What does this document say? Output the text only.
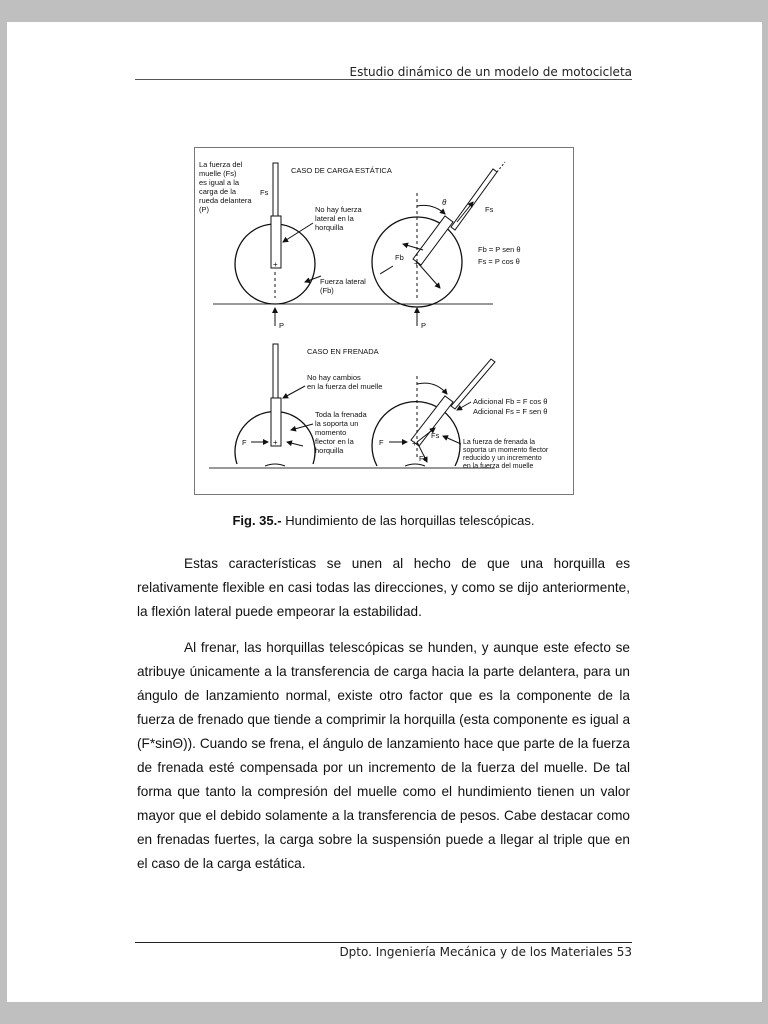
Estudio dinámico de un modelo de motocicleta
+
La fuerza del
muelle (Fs)
es igual a la
carga de la
rueda delantera
(P)
Fs
CASO DE CARGA ESTÁTICA
No hay fuerza
lateral en la
horquilla
Fuerza lateral
(Fb)
P
+
θ
Fs
Fb
Fb = P sen θ
Fs = P cos θ
P
+
CASO EN FRENADA
No hay cambios
en la fuerza del muelle
Toda la frenada
la soporta un
momento
flector en la
horquilla
F	+
F
Fs
Fb
Adicional Fb = F cos θ
Adicional Fs = F sen θ
La fuerza de frenada la
soporta un momento flector
reducido y un incremento
en la fuerza del muelle
Fig. 35.- Hundimiento de las horquillas telescópicas.
Estas características se unen al hecho de que una horquilla es relativamente flexible en casi todas las direcciones, y como se dijo anteriormente, la flexión lateral puede empeorar la estabilidad.
Al frenar, las horquillas telescópicas se hunden, y aunque este efecto se atribuye únicamente a la transferencia de carga hacia la parte delantera, para un ángulo de lanzamiento normal, existe otro factor que es la componente de la fuerza de frenado que tiende a comprimir la horquilla (esta componente es igual a (F*sinΘ)). Cuando se frena, el ángulo de lanzamiento hace que parte de la fuerza de frenada esté compensada por un incremento de la fuerza del muelle. De tal forma que tanto la compresión del muelle como el hundimiento tienen un valor mayor que el debido solamente a la transferencia de pesos. Cabe destacar como en frenadas fuertes, la carga sobre la suspensión puede a llegar al triple que en el caso de la carga estática.
Dpto. Ingeniería Mecánica y de los Materiales 53
